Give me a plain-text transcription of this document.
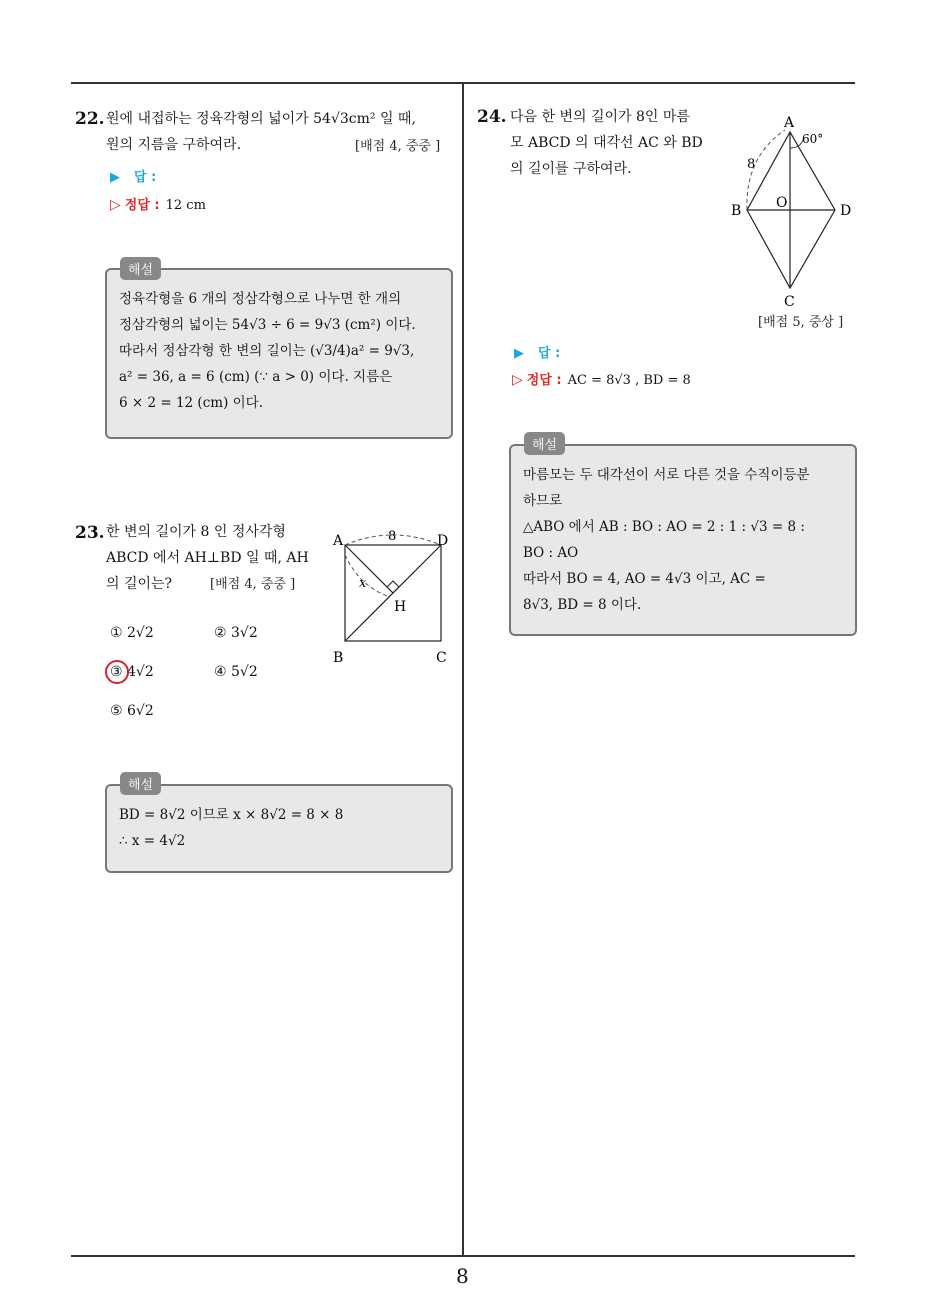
22. 원에 내접하는 정육각형의 넓이가 54√3cm² 일 때,
원의 지름을 구하여라.	[배점 4, 중중 ]
▶ 답 :
▷ 정답 : 12 cm
정육각형을 6 개의 정삼각형으로 나누면 한 개의
정삼각형의 넓이는 54√3 ÷ 6 = 9√3 (cm²) 이다.
따라서 정삼각형 한 변의 길이는 (√3/4)a² = 9√3,
a² = 36, a = 6 (cm) (∵ a > 0) 이다. 지름은
6 × 2 = 12 (cm) 이다.
해설
23. 한 변의 길이가 8 인 정사각형
ABCD 에서 AH⊥BD 일 때, AH
의 길이는?	[배점 4, 중중 ]
A	D
B	C
H
x
8
① 2√2	② 3√2
③ 4√2	④ 5√2
⑤ 6√2
BD = 8√2 이므로 x × 8√2 = 8 × 8
∴ x = 4√2
해설
24. 다음 한 변의 길이가 8인 마름
모 ABCD 의 대각선 AC 와 BD
의 길이를 구하여라.
A
B	D
C
O
8
60°
[배점 5, 중상 ]
▶ 답 :
▷ 정답 : AC = 8√3 , BD = 8
마름모는 두 대각선이 서로 다른 것을 수직이등분
하므로
△ABO 에서 AB : BO : AO = 2 : 1 : √3 = 8 :
BO : AO
따라서 BO = 4, AO = 4√3 이고, AC =
8√3, BD = 8 이다.
해설
8
